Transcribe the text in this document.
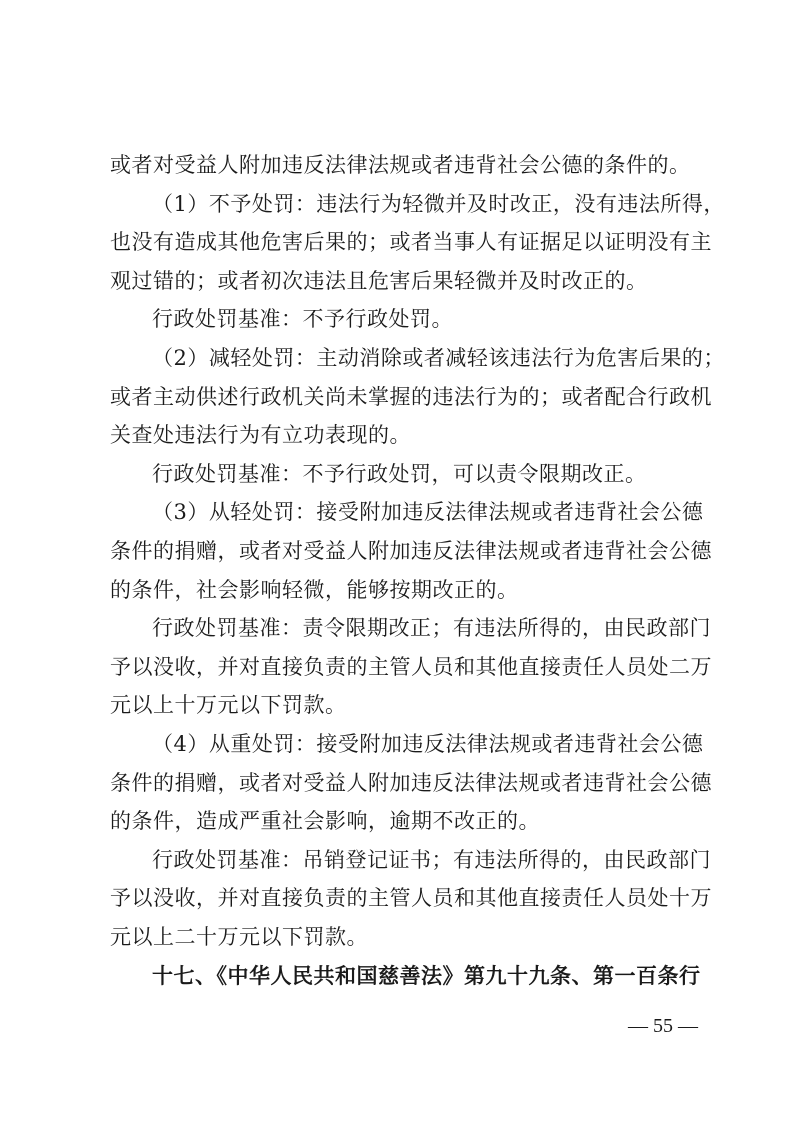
或者对受益人附加违反法律法规或者违背社会公德的条件的。
（1）不予处罚：违法行为轻微并及时改正，没有违法所得，
也没有造成其他危害后果的；或者当事人有证据足以证明没有主
观过错的；或者初次违法且危害后果轻微并及时改正的。
行政处罚基准：不予行政处罚。
（2）减轻处罚：主动消除或者减轻该违法行为危害后果的；
或者主动供述行政机关尚未掌握的违法行为的；或者配合行政机
关查处违法行为有立功表现的。
行政处罚基准：不予行政处罚，可以责令限期改正。
（3）从轻处罚：接受附加违反法律法规或者违背社会公德
条件的捐赠，或者对受益人附加违反法律法规或者违背社会公德
的条件，社会影响轻微，能够按期改正的。
行政处罚基准：责令限期改正；有违法所得的，由民政部门
予以没收，并对直接负责的主管人员和其他直接责任人员处二万
元以上十万元以下罚款。
（4）从重处罚：接受附加违反法律法规或者违背社会公德
条件的捐赠，或者对受益人附加违反法律法规或者违背社会公德
的条件，造成严重社会影响，逾期不改正的。
行政处罚基准：吊销登记证书；有违法所得的，由民政部门
予以没收，并对直接负责的主管人员和其他直接责任人员处十万
元以上二十万元以下罚款。
十七、《中华人民共和国慈善法》第九十九条、第一百条行
— 55 —
